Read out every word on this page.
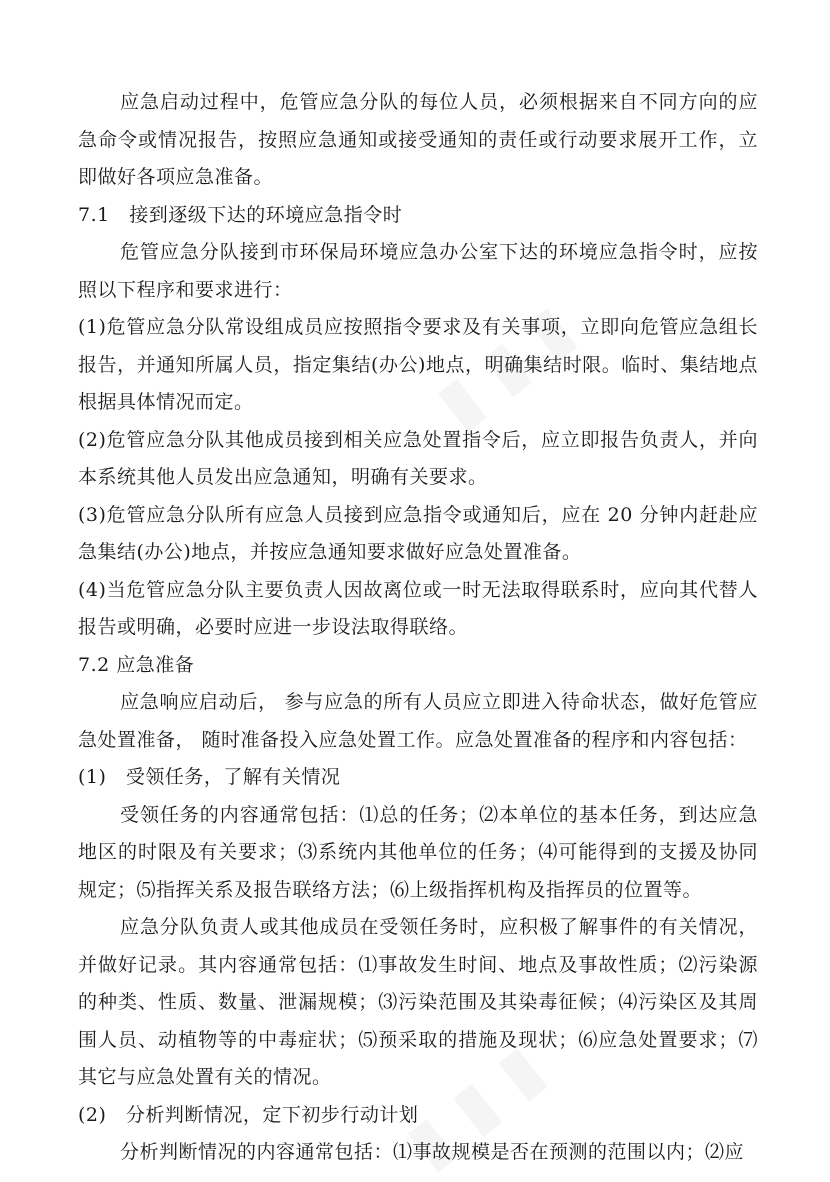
▮ ▮ ▮
▮ ▮ ▮

应急启动过程中，危管应急分队的每位人员，必须根据来自不同方向的应急命令或情况报告，按照应急通知或接受通知的责任或行动要求展开工作，立即做好各项应急准备。

7.1　接到逐级下达的环境应急指令时

危管应急分队接到市环保局环境应急办公室下达的环境应急指令时，应按照以下程序和要求进行：

(1)危管应急分队常设组成员应按照指令要求及有关事项，立即向危管应急组长报告，并通知所属人员，指定集结(办公)地点，明确集结时限。临时、集结地点根据具体情况而定。

(2)危管应急分队其他成员接到相关应急处置指令后，应立即报告负责人，并向本系统其他人员发出应急通知，明确有关要求。

(3)危管应急分队所有应急人员接到应急指令或通知后，应在 20 分钟内赶赴应急集结(办公)地点，并按应急通知要求做好应急处置准备。

(4)当危管应急分队主要负责人因故离位或一时无法取得联系时，应向其代替人报告或明确，必要时应进一步设法取得联络。

7.2 应急准备

应急响应启动后， 参与应急的所有人员应立即进入待命状态，做好危管应急处置准备， 随时准备投入应急处置工作。应急处置准备的程序和内容包括：

(1)　受领任务，了解有关情况

受领任务的内容通常包括：⑴总的任务；⑵本单位的基本任务，到达应急地区的时限及有关要求；⑶系统内其他单位的任务；⑷可能得到的支援及协同规定；⑸指挥关系及报告联络方法；⑹上级指挥机构及指挥员的位置等。

应急分队负责人或其他成员在受领任务时，应积极了解事件的有关情况，并做好记录。其内容通常包括：⑴事故发生时间、地点及事故性质；⑵污染源的种类、性质、数量、泄漏规模；⑶污染范围及其染毒征候；⑷污染区及其周围人员、动植物等的中毒症状；⑸预采取的措施及现状；⑹应急处置要求；⑺其它与应急处置有关的情况。

(2)　分析判断情况，定下初步行动计划

分析判断情况的内容通常包括：⑴事故规模是否在预测的范围以内；⑵应
